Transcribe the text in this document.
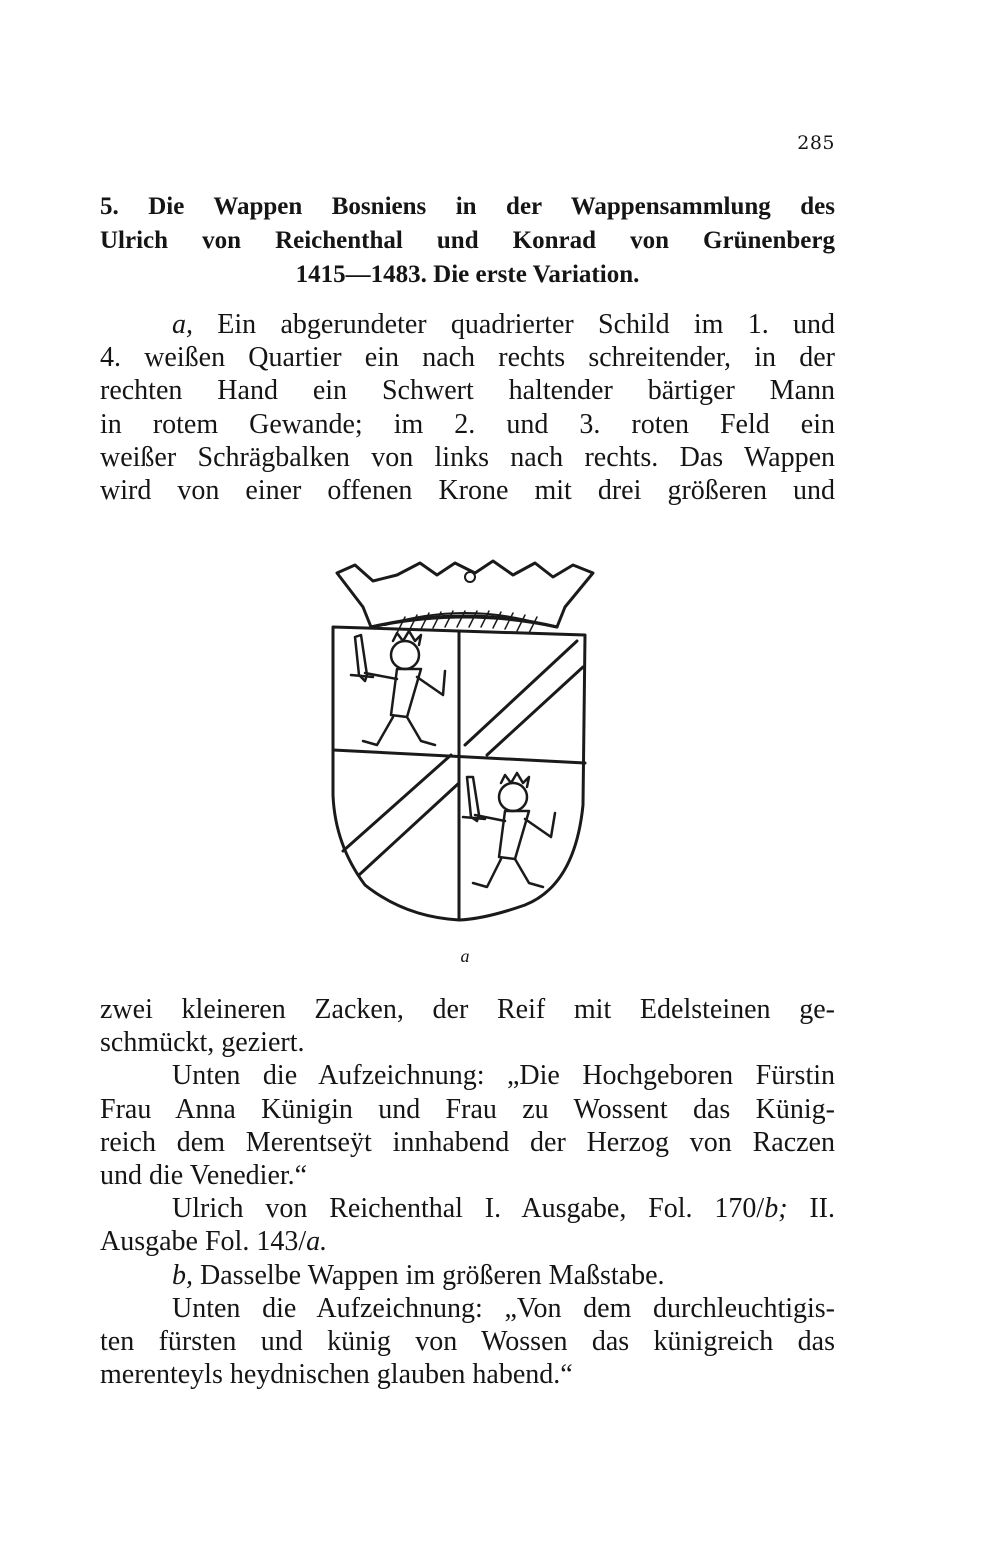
285
5. Die Wappen Bosniens in der Wappensammlung des
Ulrich von Reichenthal und Konrad von Grünenberg
1415—1483. Die erste Variation.
a, Ein abgerundeter quadrierter Schild im 1. und
4. weißen Quartier ein nach rechts schreitender, in der
rechten Hand ein Schwert haltender bärtiger Mann
in rotem Gewande; im 2. und 3. roten Feld ein
weißer Schrägbalken von links nach rechts. Das Wappen
wird von einer offenen Krone mit drei größeren und
a
zwei kleineren Zacken, der Reif mit Edelsteinen ge-
schmückt, geziert.
Unten die Aufzeichnung: „Die Hochgeboren Fürstin
Frau Anna Künigin und Frau zu Wossent das Künig-
reich dem Merentseÿt innhabend der Herzog von Raczen
und die Venedier.“
Ulrich von Reichenthal I. Ausgabe, Fol. 170/b; II.
Ausgabe Fol. 143/a.
b, Dasselbe Wappen im größeren Maßstabe.
Unten die Aufzeichnung: „Von dem durchleuchtigis-
ten fürsten und künig von Wossen das künigreich das
merenteyls heydnischen glauben habend.“
